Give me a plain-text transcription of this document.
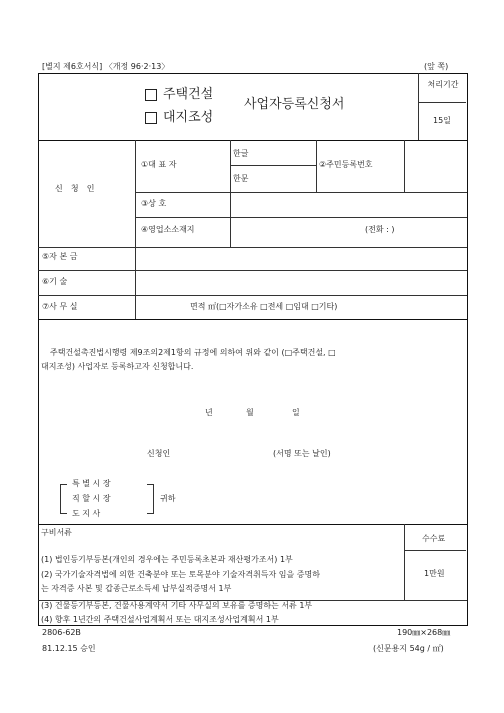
[별지 제6호서식] 〈개정 96·2·13〉	(앞 쪽)
주택건설
대지조성
사업자등록신청서
처리기간
15일
신 청 인
①대 표 자
한글
한문
②주민등록번호
③상 호
④영업소소재지	(전화 : )
⑤자 본 금
⑥기 술
⑦사 무 실	면적 ㎡(□자가소유 □전세 □임대 □기타)
주택건설촉진법시행령 제9조의2제1항의 규정에 의하여 위와 같이 (□주택건설, □
대지조성) 사업자로 등록하고자 신청합니다.
년	월	일
신청인	(서명 또는 날인)
특 별 시 장
직 할 시 장
도 지 사
귀하
수수료
1만원
구비서류
(1) 법인등기부등본(개인의 경우에는 주민등록초본과 재산평가조서) 1부
(2) 국가기술자격법에 의한 건축분야 또는 토목분야 기술자격취득자 임을 증명하
는 자격증 사본 및 갑종근로소득세 납부실적증명서 1부
(3) 건물등기부등본, 건물사용계약서 기타 사무실의 보유를 증명하는 서류 1부
(4) 향후 1년간의 주택건설사업계획서 또는 대지조성사업계획서 1부
2806-62B	190㎜×268㎜
81.12.15 승인	(신문용지 54g / ㎡)
